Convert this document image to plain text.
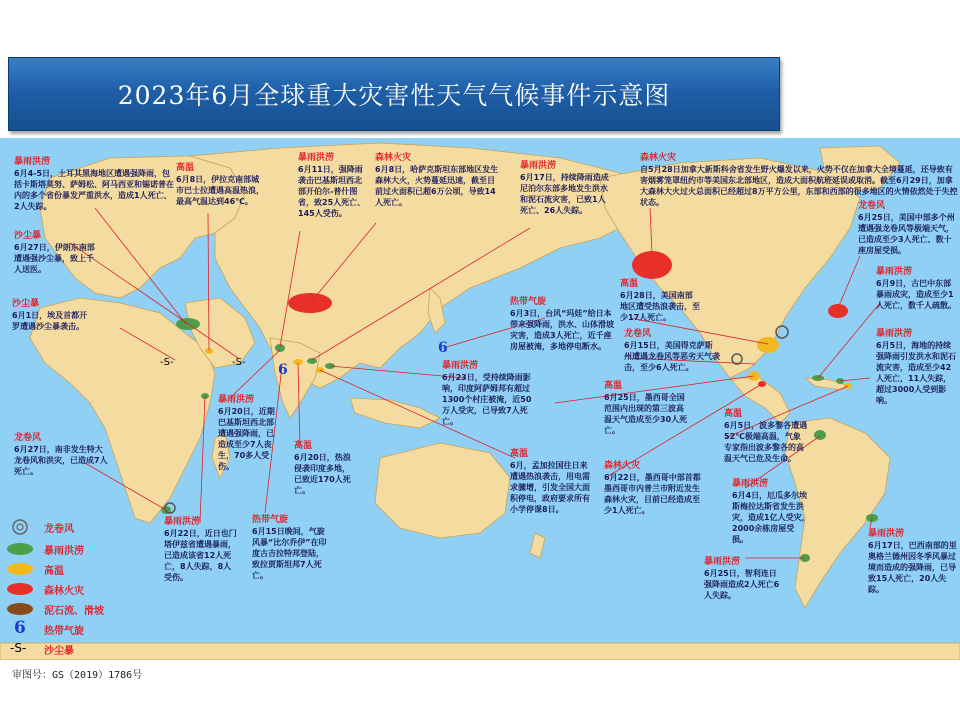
2023年6月全球重大灾害性天气气候事件示意图
6
6
-S-	-S-
暴雨洪涝
6月4-5日，土耳其黑海地区遭遇强降雨，包括卡斯塔莫努、萨姆松、阿马西亚和锡诺普在内的多个省份暴发严重洪水，造成1人死亡、2人失踪。
高温
6月8日，伊拉克南部城市巴士拉遭遇高温热浪，最高气温达到46℃。
暴雨洪涝
6月11日，强降雨袭击巴基斯坦西北部开伯尔-普什图省，致25人死亡、145人受伤。
森林火灾
6月8日，哈萨克斯坦东部地区发生森林大火，火势蔓延迅速，截至目前过火面积已超6万公顷，导致14人死亡。
暴雨洪涝
6月17日，持续降雨造成尼泊尔东部多地发生洪水和泥石流灾害，已致1人死亡、26人失踪。
森林火灾
自5月28日加拿大新斯科舍省发生野火爆发以来，火势不仅在加拿大全境蔓延，还导致有害烟雾笼罩纽约市等美国东北部地区，造成大面积航班延误或取消。截至6月29日，加拿大森林大火过火总面积已经超过8万平方公里，东部和西部的很多地区的火情依然处于失控状态。
沙尘暴
6月27日，伊朗东南部遭遇强沙尘暴，致上千人送医。
沙尘暴
6月1日，埃及首都开罗遭遇沙尘暴袭击。
热带气旋
6月3日，台风“玛娃”给日本带来强降雨，洪水、山体滑坡灾害，造成3人死亡，近千座房屋被淹，多地停电断水。
高温
6月28日，美国南部地区遭受热浪袭击，至少17人死亡。
龙卷风
6月25日，美国中部多个州遭遇强龙卷风等极端天气，已造成至少3人死亡、数十座房屋受损。
暴雨洪涝
6月9日，古巴中东部暴雨成灾，造成至少1人死亡，数千人疏散。
暴雨洪涝
6月5日，海地的持续强降雨引发洪水和泥石流灾害，造成至少42人死亡，11人失踪，超过3000人受到影响。
暴雨洪涝
6月20日，近期巴基斯坦西北部遭遇强降雨，已造成至少7人丧生，70多人受伤。
暴雨洪涝
6月23日，受持续降雨影响，印度阿萨姆邦有超过1300个村庄被淹，近50万人受灾，已导致7人死亡。
龙卷风
6月15日，美国得克萨斯州遭遇龙卷风等恶劣天气袭击，至少6人死亡。
龙卷风
6月27日，南非发生特大龙卷风和洪灾，已造成7人死亡。
高温
6月20日，热浪侵袭印度多地，已致近170人死亡。
高温
6月，孟加拉国往日来遭遇热浪袭击，用电需求骤增，引发全国大面积停电，政府要求所有小学停课8日。
高温
6月25日，墨西哥全国范围内出现的第三波高温天气造成至少30人死亡。
森林火灾
6月22日，墨西哥中部首都墨西哥市内普兰市附近发生森林火灾，目前已经造成至少1人死亡。
高温
6月5日，波多黎各遭遇52℃极端高温，气象专家指出波多黎各的高温天气已危及生命。
暴雨洪涝
6月4日，厄瓜多尔埃斯梅拉达斯省发生洪灾，造成1亿人受灾，2000余栋房屋受损。
暴雨洪涝
6月22日，近日也门塔伊兹省遭遇暴雨，已造成该省12人死亡，8人失踪，8人受伤。
热带气旋
6月15日晚间，气旋风暴“比尔乔伊”在印度古吉拉特邦登陆，致拉贾斯坦邦7人死亡。
暴雨洪涝
6月25日，智利连日强降雨造成2人死亡6人失踪。
暴雨洪涝
6月17日，巴西南部的里奥格兰德州因冬季风暴过境而造成的强降雨，已导致15人死亡，20人失踪。
龙卷风
暴雨洪涝
高温
森林火灾
泥石流、滑坡
6 热带气旋
-S- 沙尘暴
审图号：GS（2019）1786号
